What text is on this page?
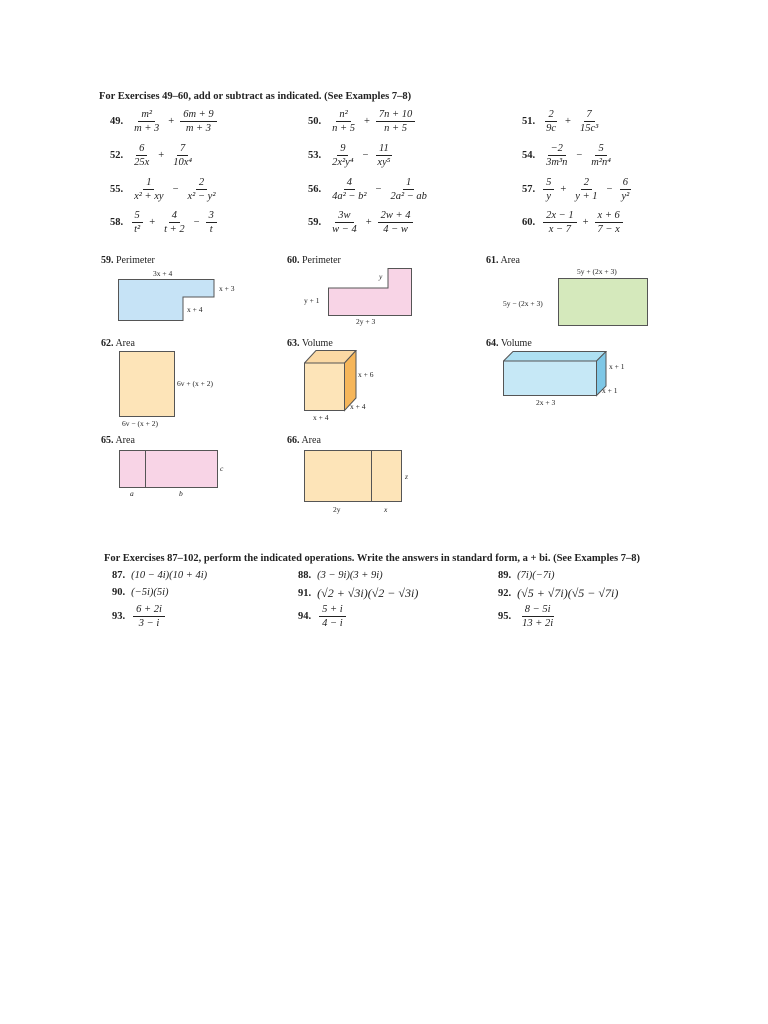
For Exercises 49–60, add or subtract as indicated. (See Examples 7–8)
49. $\frac{\text{m²}}{m + 3} + \frac{6m + 9}{m + 3}$	50. $\frac{\text{n²}}{n + 5} + \frac{7n + 10}{n + 5}$	51. $\frac{2}{9c} + \frac{7}{\text{15c³}}$
52. $\frac{6}{25x} + \frac{7}{\text{10x⁴}}$	53. $\frac{9}{\text{2x²y⁴}} - \frac{11}{\text{xy⁵}}$	54. $\frac{-2}{\text{3m³n}} - \frac{5}{\text{m²n⁴}}$
55. $\frac{1}{\text{x² + xy}} - \frac{2}{\text{x² − y²}}$	56. $\frac{4}{\text{4a² − b²}} - \frac{1}{\text{2a² − ab}}$	57. $\frac{5}{y} + \frac{2}{y + 1} - \frac{6}{\text{y²}}$
58. $\frac{5}{\text{t²}} + \frac{4}{t + 2} - \frac{3}{t}$	59. $\frac{3w}{w - 4} + \frac{2w + 4}{4 - w}$	60. $\frac{2x - 1}{x - 7} + \frac{x + 6}{7 - x}$
59. Perimeter
3x + 4
x + 3
x + 4
60. Perimeter
y
y + 1
2y + 3
61. Area
5y + (2x + 3)
5y − (2x + 3)
62. Area
6v + (x + 2)
6v − (x + 2)
63. Volume
x + 6
x + 4
x + 4
64. Volume
x + 1
x + 1
2x + 3
65. Area
c
a	b
66. Area
z
2y	x
For Exercises 87–102, perform the indicated operations. Write the answers in standard form, a + bi. (See Examples 7–8)
87. (10 − 4i)(10 + 4i)	88. (3 − 9i)(3 + 9i)	89. (7i)(−7i)
90. (−5i)(5i)	91. (√2 + √3i)(√2 − √3i)	92. (√5 + √7i)(√5 − √7i)
93. $\frac{6 + 2i}{3 - i}$	94. $\frac{5 + i}{4 - i}$	95. $\frac{8 - 5i}{13 + 2i}$
